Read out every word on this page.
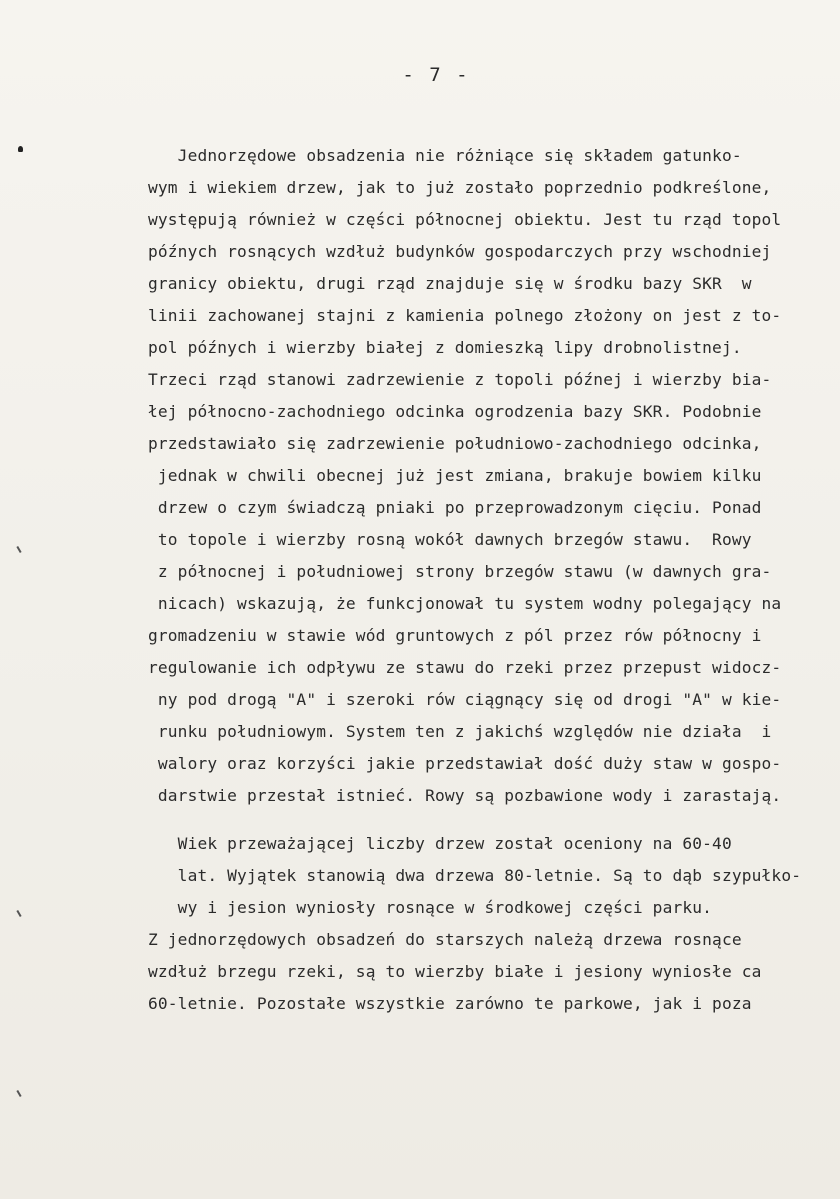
- 7 -
Jednorzędowe obsadzenia nie różniące się składem gatunko-
wym i wiekiem drzew, jak to już zostało poprzednio podkreślone,
występują również w części północnej obiektu. Jest tu rząd topol
późnych rosnących wzdłuż budynków gospodarczych przy wschodniej
granicy obiektu, drugi rząd znajduje się w środku bazy SKR  w
linii zachowanej stajni z kamienia polnego złożony on jest z to-
pol późnych i wierzby białej z domieszką lipy drobnolistnej.
Trzeci rząd stanowi zadrzewienie z topoli późnej i wierzby bia-
łej północno-zachodniego odcinka ogrodzenia bazy SKR. Podobnie
przedstawiało się zadrzewienie południowo-zachodniego odcinka,
jednak w chwili obecnej już jest zmiana, brakuje bowiem kilku
drzew o czym świadczą pniaki po przeprowadzonym cięciu. Ponad
to topole i wierzby rosną wokół dawnych brzegów stawu.  Rowy
z północnej i południowej strony brzegów stawu (w dawnych gra-
nicach) wskazują, że funkcjonował tu system wodny polegający na
gromadzeniu w stawie wód gruntowych z pól przez rów północny i
regulowanie ich odpływu ze stawu do rzeki przez przepust widocz-
ny pod drogą "A" i szeroki rów ciągnący się od drogi "A" w kie-
runku południowym. System ten z jakichś względów nie działa  i
walory oraz korzyści jakie przedstawiał dość duży staw w gospo-
darstwie przestał istnieć. Rowy są pozbawione wody i zarastają.
Wiek przeważającej liczby drzew został oceniony na 60-40
lat. Wyjątek stanowią dwa drzewa 80-letnie. Są to dąb szypułko-
wy i jesion wyniosły rosnące w środkowej części parku.
Z jednorzędowych obsadzeń do starszych należą drzewa rosnące
wzdłuż brzegu rzeki, są to wierzby białe i jesiony wyniosłe ca
60-letnie. Pozostałe wszystkie zarówno te parkowe, jak i poza
